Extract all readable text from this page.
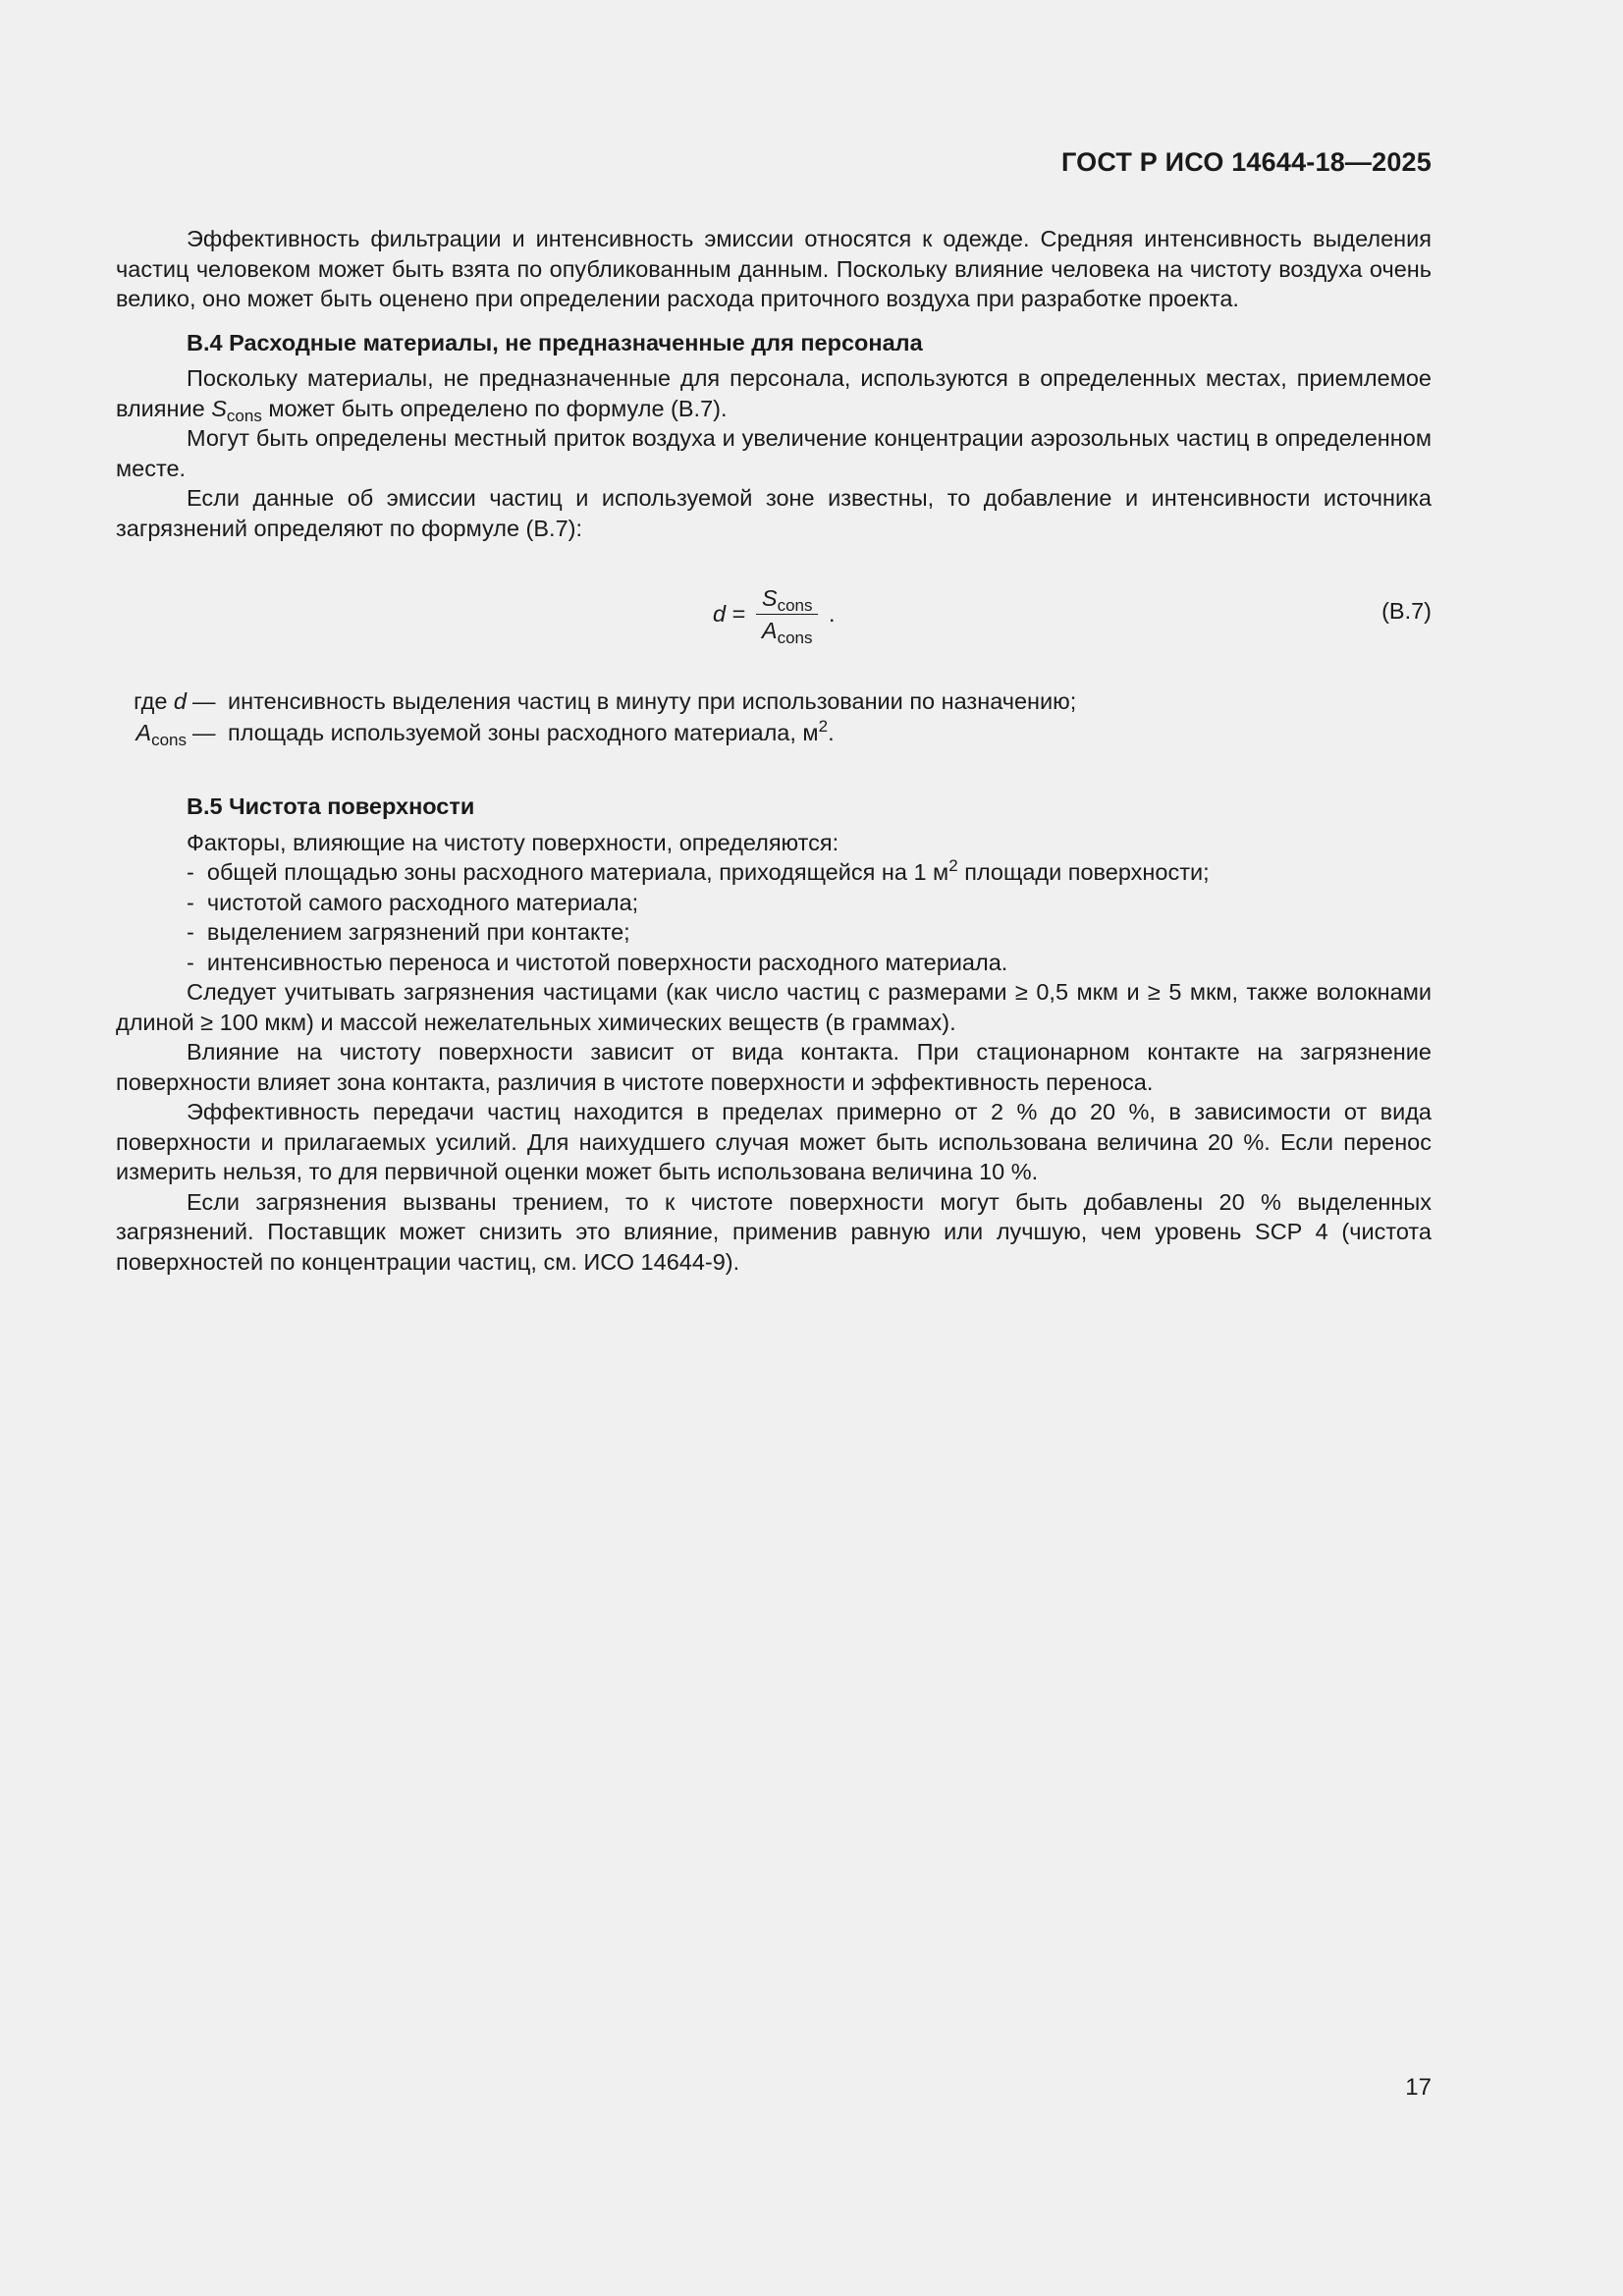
ГОСТ Р ИСО 14644-18—2025

Эффективность фильтрации и интенсивность эмиссии относятся к одежде. Средняя интенсивность выделения частиц человеком может быть взята по опубликованным данным. Поскольку влияние человека на чистоту воздуха очень велико, оно может быть оценено при определении расхода приточного воздуха при разработке проекта.

В.4 Расходные материалы, не предназначенные для персонала

Поскольку материалы, не предназначенные для персонала, используются в определенных местах, приемлемое влияние $S_{cons}$ может быть определено по формуле (В.7).

Могут быть определены местный приток воздуха и увеличение концентрации аэрозольных частиц в определенном месте.

Если данные об эмиссии частиц и используемой зоне известны, то добавление и интенсивности источника загрязнений определяют по формуле (В.7):

$d = \frac{S_{cons}}{A_{cons}}$ .	(В.7)
где d — интенсивность выделения частиц в минуту при использовании по назначению;
$A_{cons}$ — площадь используемой зоны расходного материала, $м^2$.
В.5 Чистота поверхности

Факторы, влияющие на чистоту поверхности, определяются:

- общей площадью зоны расходного материала, приходящейся на 1 $м^2$ площади поверхности;
- чистотой самого расходного материала;
- выделением загрязнений при контакте;
- интенсивностью переноса и чистотой поверхности расходного материала.

Следует учитывать загрязнения частицами (как число частиц с размерами ≥ 0,5 мкм и ≥ 5 мкм, также волокнами длиной ≥ 100 мкм) и массой нежелательных химических веществ (в граммах).

Влияние на чистоту поверхности зависит от вида контакта. При стационарном контакте на загрязнение поверхности влияет зона контакта, различия в чистоте поверхности и эффективность переноса.

Эффективность передачи частиц находится в пределах примерно от 2 % до 20 %, в зависимости от вида поверхности и прилагаемых усилий. Для наихудшего случая может быть использована величина 20 %. Если перенос измерить нельзя, то для первичной оценки может быть использована величина 10 %.

Если загрязнения вызваны трением, то к чистоте поверхности могут быть добавлены 20 % выделенных загрязнений. Поставщик может снизить это влияние, применив равную или лучшую, чем уровень SCP 4 (чистота поверхностей по концентрации частиц, см. ИСО 14644-9).

17
